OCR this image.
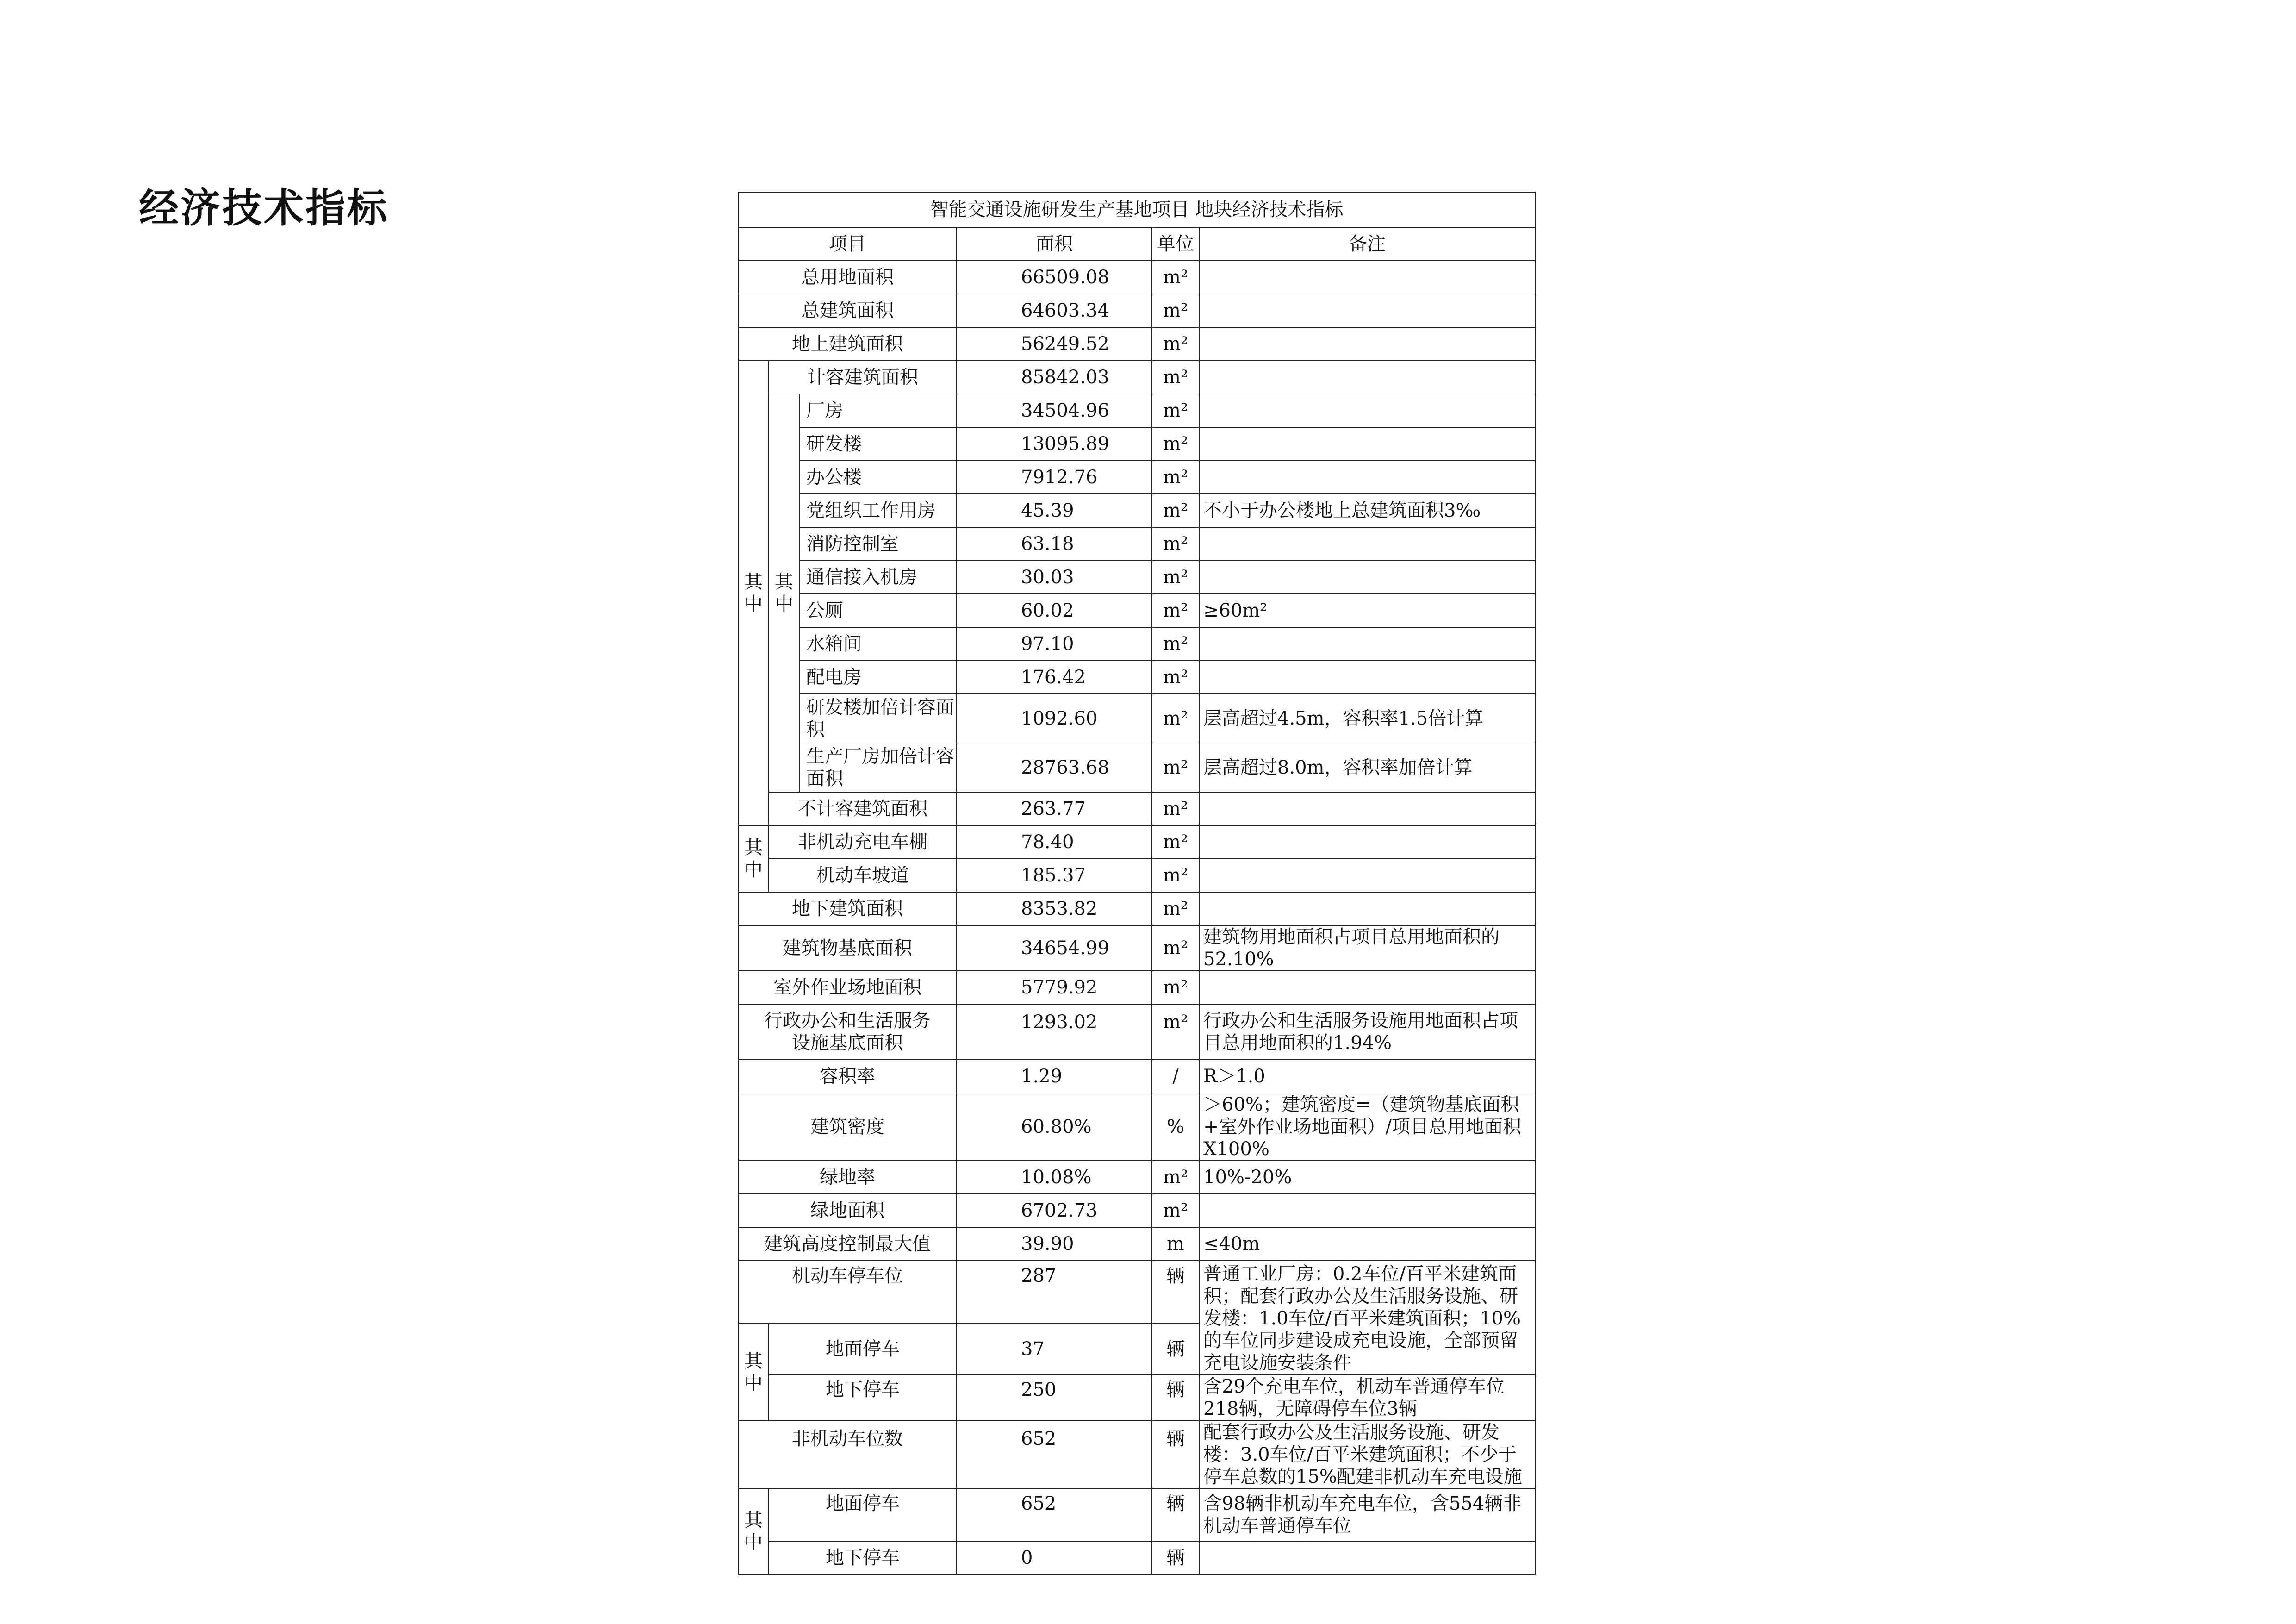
经济技术指标	智能交通设施研发生产基地项目 地块经济技术指标					
项目			面积	单位	备注
总用地面积			66509.08	m²	
总建筑面积			64603.34	m²	
地上建筑面积			56249.52	m²	
其中	计容建筑面积		85842.03	m²	
	其中	厂房	34504.96	m²	
		研发楼	13095.89	m²	
		办公楼	7912.76	m²	
		党组织工作用房	45.39	m²	不小于办公楼地上总建筑面积3‰
		消防控制室	63.18	m²	
		通信接入机房	30.03	m²	
		公厕	60.02	m²	≥60m²
		水箱间	97.10	m²	
		配电房	176.42	m²	
		研发楼加倍计容面积	1092.60	m²	层高超过4.5m，容积率1.5倍计算
		生产厂房加倍计容面积	28763.68	m²	层高超过8.0m，容积率加倍计算
	不计容建筑面积		263.77	m²	
其中	非机动充电车棚		78.40	m²	
	机动车坡道		185.37	m²	
地下建筑面积			8353.82	m²	
建筑物基底面积			34654.99	m²	建筑物用地面积占项目总用地面积的52.10%
室外作业场地面积			5779.92	m²	
行政办公和生活服务设施基底面积			1293.02	m²	行政办公和生活服务设施用地面积占项目总用地面积的1.94%
容积率			1.29	/	R＞1.0
建筑密度			60.80%	%	＞60%；建筑密度=（建筑物基底面积+室外作业场地面积）/项目总用地面积X100%
绿地率			10.08%	m²	10%-20%
绿地面积			6702.73	m²	
建筑高度控制最大值			39.90	m	≤40m
机动车停车位			287	辆	普通工业厂房：0.2车位/百平米建筑面积；配套行政办公及生活服务设施、研发楼：1.0车位/百平米建筑面积；10%的车位同步建设成充电设施，全部预留充电设施安装条件
其中	地面停车		37	辆	
	地下停车		250	辆	含29个充电车位，机动车普通停车位218辆，无障碍停车位3辆
非机动车位数			652	辆	配套行政办公及生活服务设施、研发楼：3.0车位/百平米建筑面积；不少于停车总数的15%配建非机动车充电设施
其中	地面停车		652	辆	含98辆非机动车充电车位，含554辆非机动车普通停车位
	地下停车		0	辆	
